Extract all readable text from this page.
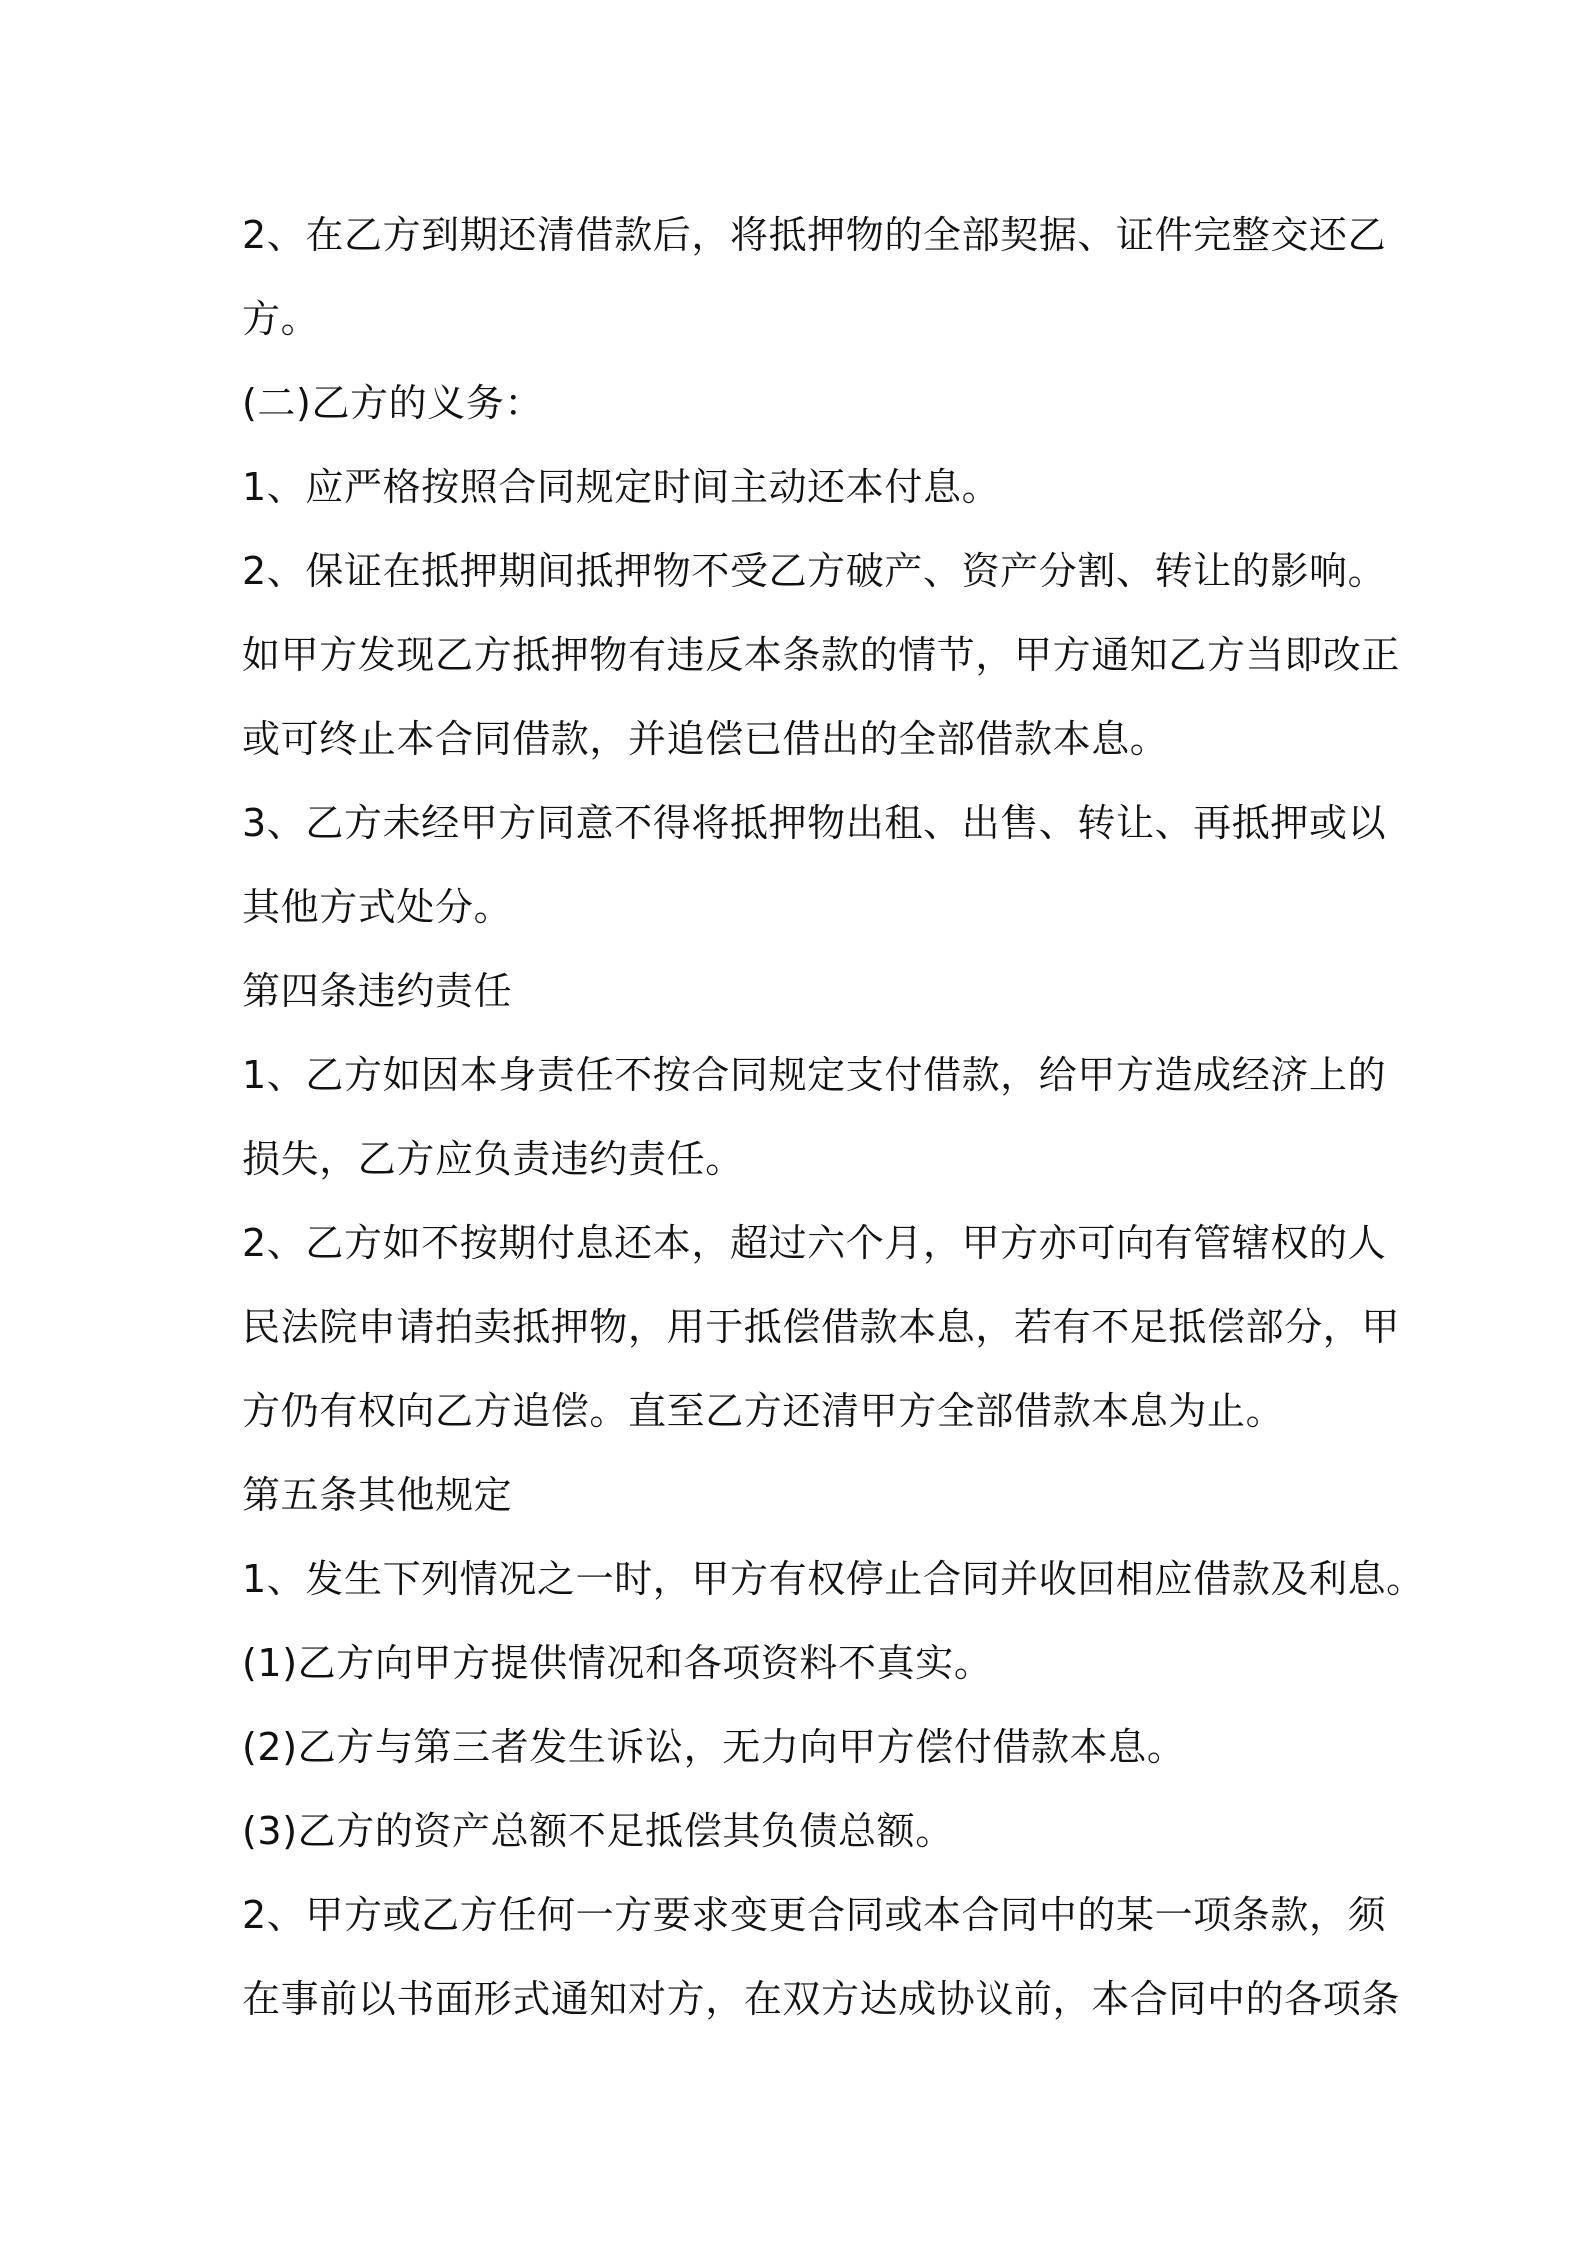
2、在乙方到期还清借款后，将抵押物的全部契据、证件完整交还乙
方。
(二)乙方的义务：
1、应严格按照合同规定时间主动还本付息。
2、保证在抵押期间抵押物不受乙方破产、资产分割、转让的影响。
如甲方发现乙方抵押物有违反本条款的情节，甲方通知乙方当即改正
或可终止本合同借款，并追偿已借出的全部借款本息。
3、乙方未经甲方同意不得将抵押物出租、出售、转让、再抵押或以
其他方式处分。
第四条违约责任
1、乙方如因本身责任不按合同规定支付借款，给甲方造成经济上的
损失，乙方应负责违约责任。
2、乙方如不按期付息还本，超过六个月，甲方亦可向有管辖权的人
民法院申请拍卖抵押物，用于抵偿借款本息，若有不足抵偿部分，甲
方仍有权向乙方追偿。直至乙方还清甲方全部借款本息为止。
第五条其他规定
1、发生下列情况之一时，甲方有权停止合同并收回相应借款及利息。
(1)乙方向甲方提供情况和各项资料不真实。
(2)乙方与第三者发生诉讼，无力向甲方偿付借款本息。
(3)乙方的资产总额不足抵偿其负债总额。
2、甲方或乙方任何一方要求变更合同或本合同中的某一项条款，须
在事前以书面形式通知对方，在双方达成协议前，本合同中的各项条
